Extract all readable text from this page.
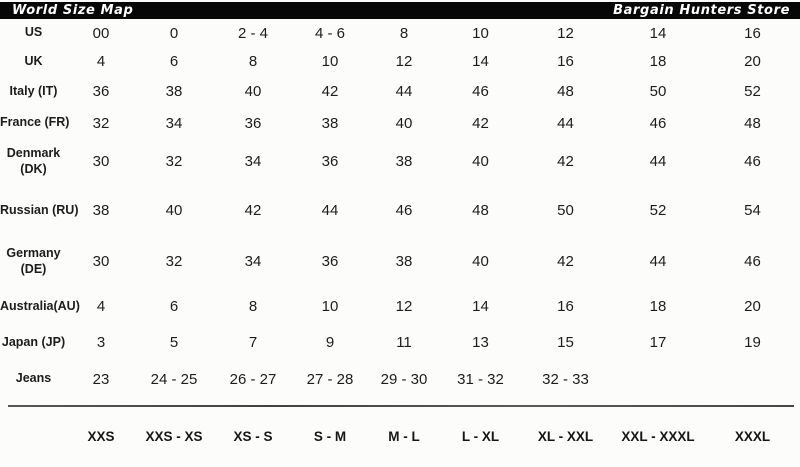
World Size Map	Bargain Hunters Store
US	00	0	2 - 4	4 - 6	8	10	12	14	16

UK	4	6	8	10	12	14	16	18	20

Italy (IT)	36	38	40	42	44	46	48	50	52

France (FR)	32	34	36	38	40	42	44	46	48

Denmark
(DK)	30	32	34	36	38	40	42	44	46

Russian (RU)	38	40	42	44	46	48	50	52	54

Germany
(DE)	30	32	34	36	38	40	42	44	46

Australia(AU)	4	6	8	10	12	14	16	18	20

Japan (JP)	3	5	7	9	11	13	15	17	19

Jeans	23	24 - 25	26 - 27	27 - 28	29 - 30	31 - 32	32 - 33		
	XXS	XXS - XS	XS - S	S - M	M - L	L - XL	XL - XXL	XXL - XXXL	XXXL
